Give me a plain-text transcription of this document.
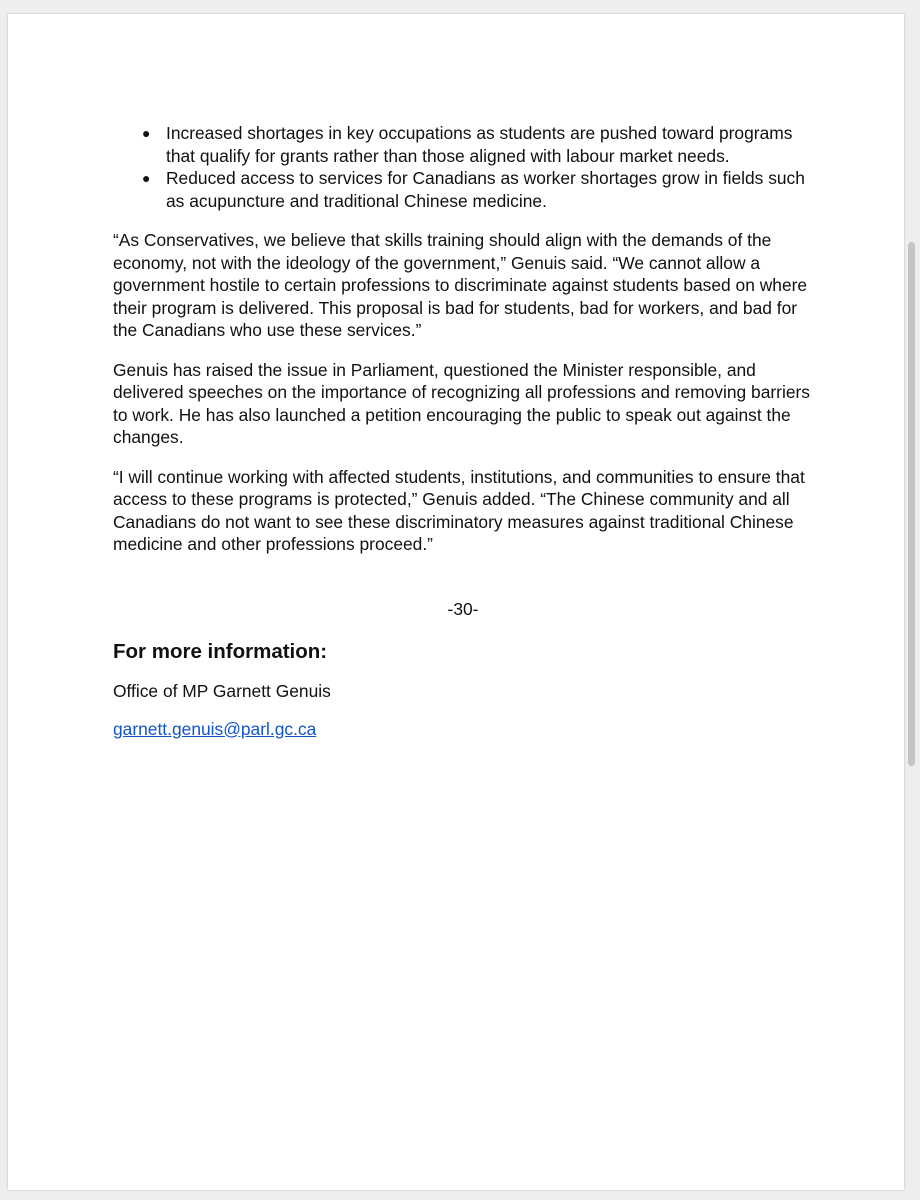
● Increased shortages in key occupations as students are pushed toward programs that qualify for grants rather than those aligned with labour market needs.
● Reduced access to services for Canadians as worker shortages grow in fields such as acupuncture and traditional Chinese medicine.

“As Conservatives, we believe that skills training should align with the demands of the economy, not with the ideology of the government,” Genuis said. “We cannot allow a government hostile to certain professions to discriminate against students based on where their program is delivered. This proposal is bad for students, bad for workers, and bad for the Canadians who use these services.”

Genuis has raised the issue in Parliament, questioned the Minister responsible, and delivered speeches on the importance of recognizing all professions and removing barriers to work. He has also launched a petition encouraging the public to speak out against the changes.

“I will continue working with affected students, institutions, and communities to ensure that access to these programs is protected,” Genuis added. “The Chinese community and all Canadians do not want to see these discriminatory measures against traditional Chinese medicine and other professions proceed.”

-30-
For more information:
Office of MP Garnett Genuis
garnett.genuis@parl.gc.ca
